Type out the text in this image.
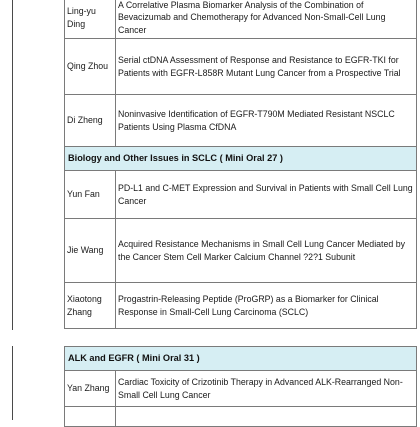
Ling-yu Ding	A Correlative Plasma Biomarker Analysis of the Combination of Bevacizumab and Chemotherapy for Advanced Non-Small-Cell Lung Cancer
Qing Zhou	Serial ctDNA Assessment of Response and Resistance to EGFR-TKI for Patients with EGFR-L858R Mutant Lung Cancer from a Prospective Trial
Di Zheng	Noninvasive Identification of EGFR-T790M Mediated Resistant NSCLC Patients Using Plasma CfDNA
Biology and Other Issues in SCLC ( Mini Oral 27 )	
Yun Fan	PD-L1 and C-MET Expression and Survival in Patients with Small Cell Lung Cancer
Jie Wang	Acquired Resistance Mechanisms in Small Cell Lung Cancer Mediated by the Cancer Stem Cell Marker Calcium Channel ?2?1 Subunit
Xiaotong Zhang	Progastrin-Releasing Peptide (ProGRP) as a Biomarker for Clinical Response in Small-Cell Lung Carcinoma (SCLC)
ALK and EGFR ( Mini Oral 31 )	
Yan Zhang	Cardiac Toxicity of Crizotinib Therapy in Advanced ALK-Rearranged Non-Small Cell Lung Cancer
